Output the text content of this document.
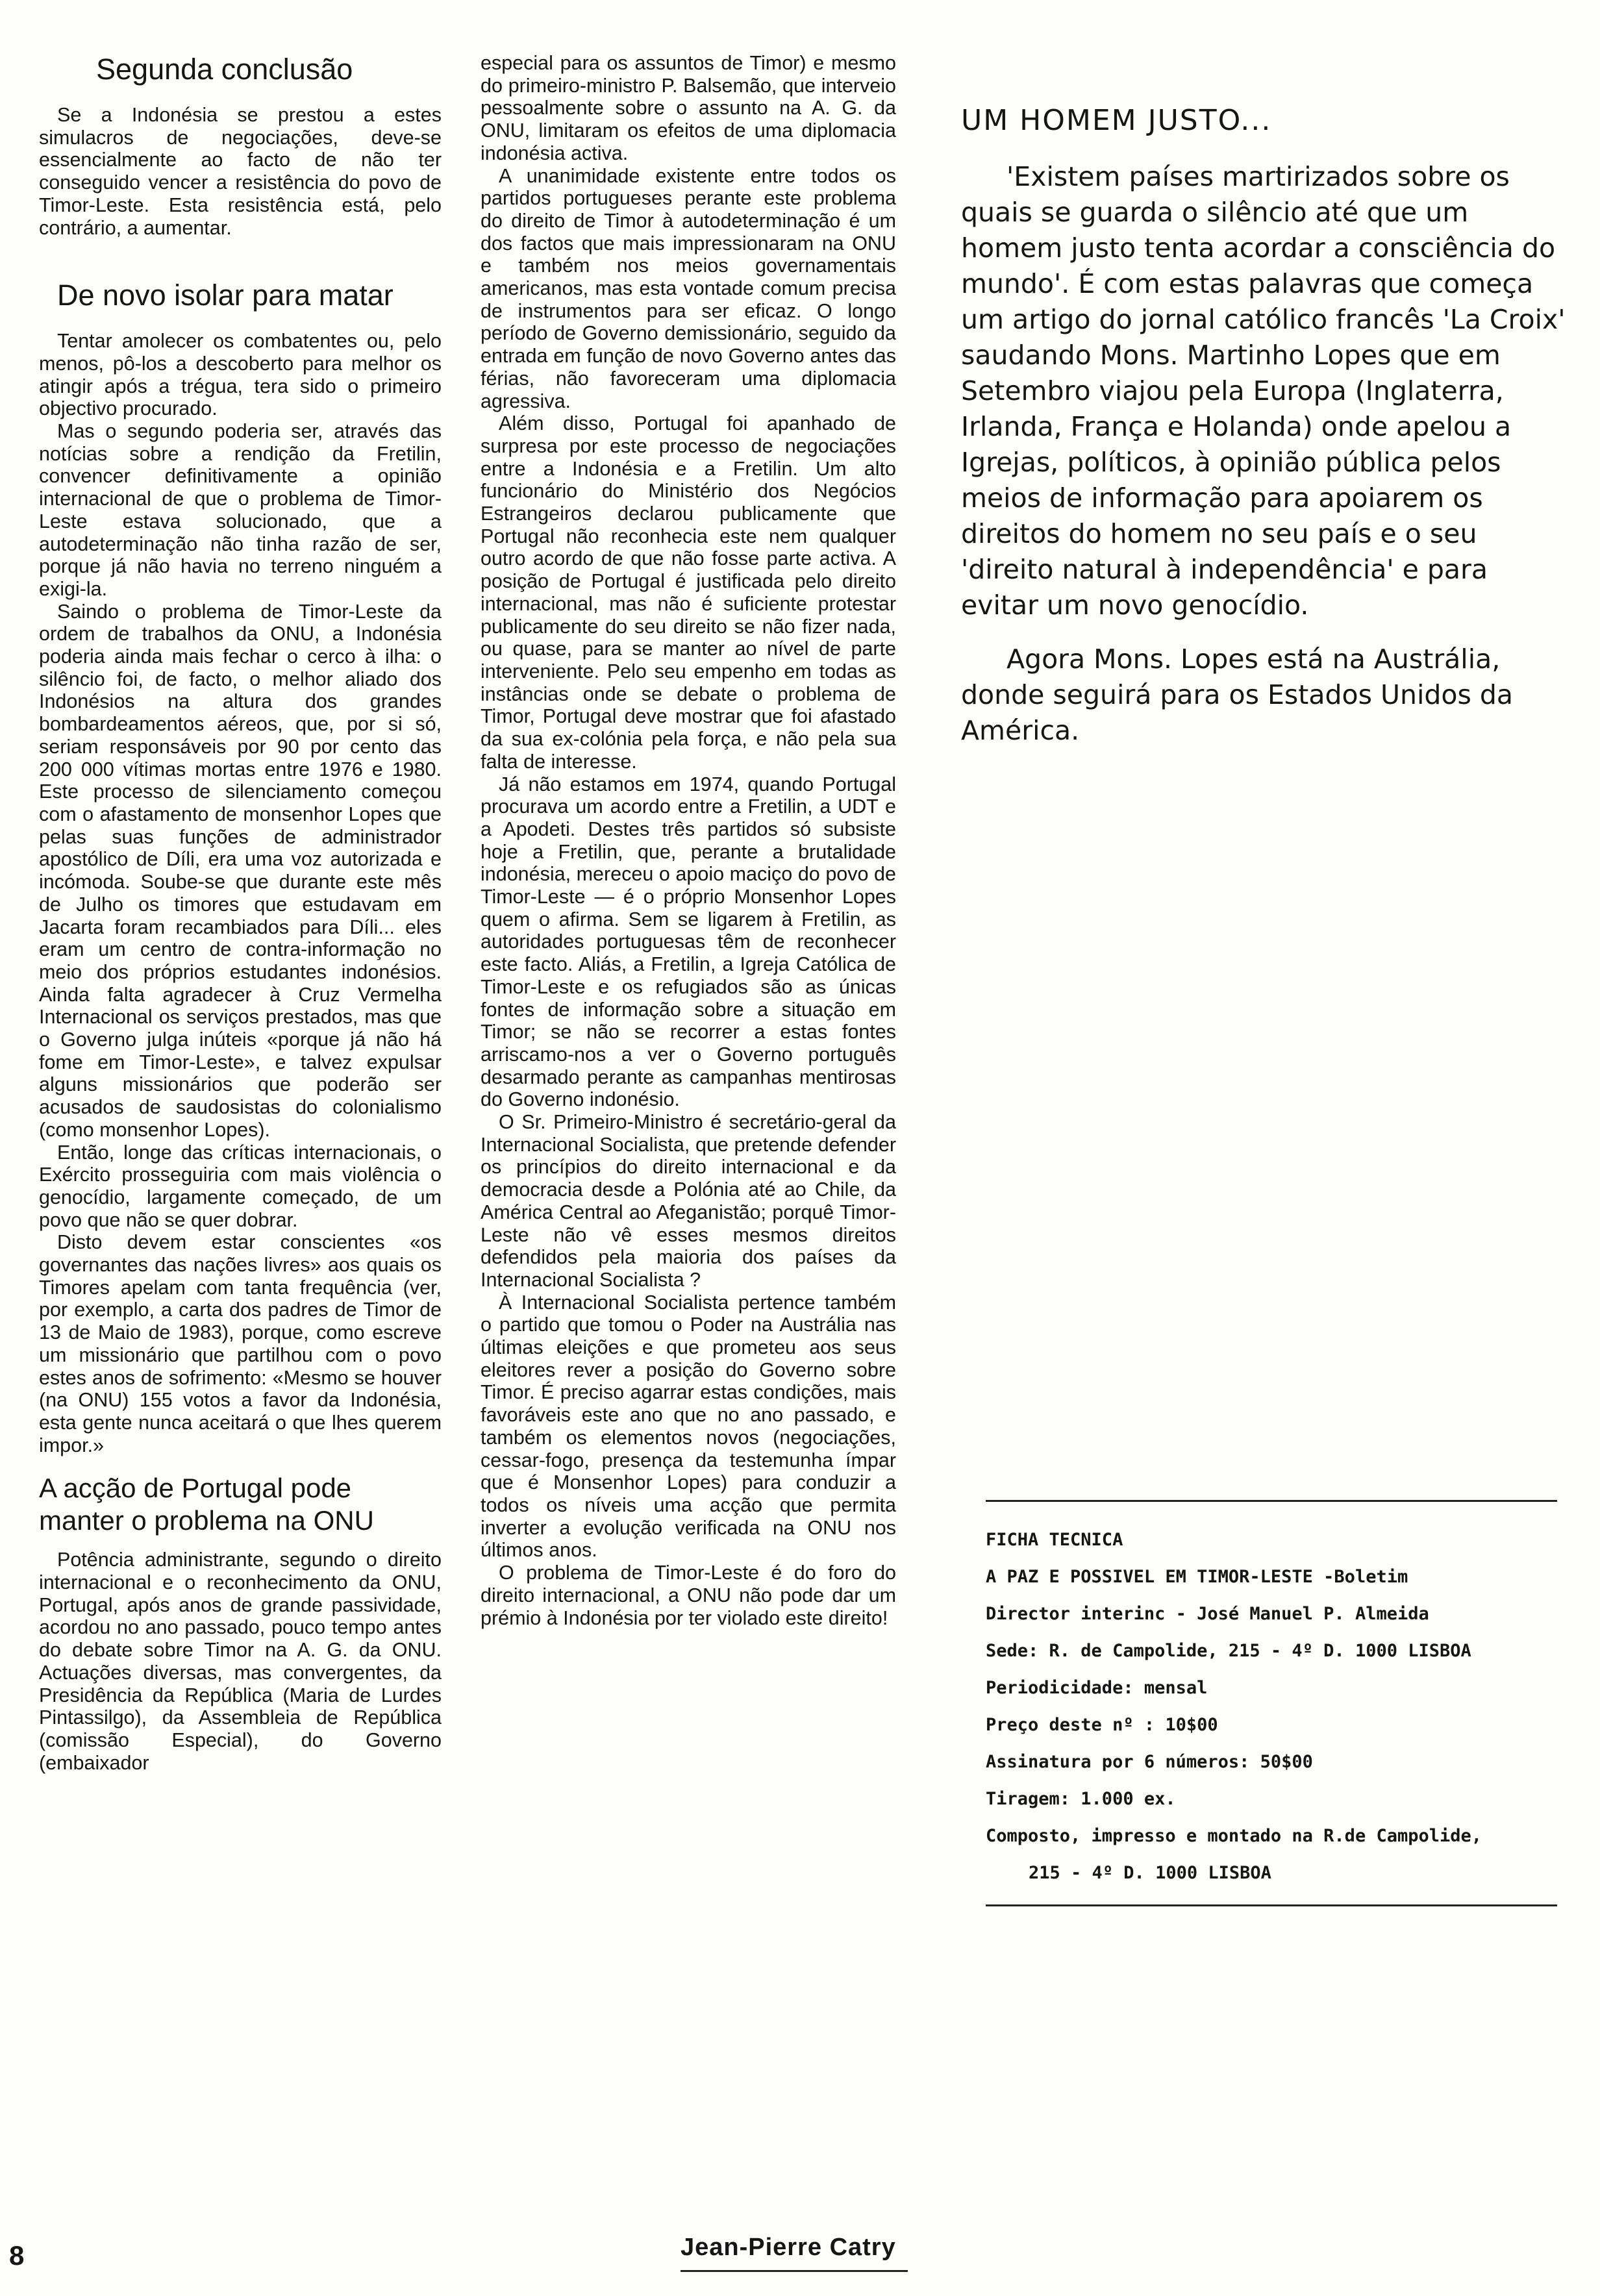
Segunda conclusão

Se a Indonésia se prestou a estes simulacros de negociações, deve-se essencialmente ao facto de não ter conseguido vencer a resistência do povo de Timor-Leste. Esta resistência está, pelo contrário, a aumentar.

De novo isolar para matar

Tentar amolecer os combatentes ou, pelo menos, pô-los a descoberto para melhor os atingir após a trégua, tera sido o primeiro objectivo procurado.

Mas o segundo poderia ser, através das notícias sobre a rendição da Fretilin, convencer definitivamente a opinião internacional de que o problema de Timor-Leste estava solucionado, que a autodeterminação não tinha razão de ser, porque já não havia no terreno ninguém a exigi-la.

Saindo o problema de Timor-Leste da ordem de trabalhos da ONU, a Indonésia poderia ainda mais fechar o cerco à ilha: o silêncio foi, de facto, o melhor aliado dos Indonésios na altura dos grandes bombardeamentos aéreos, que, por si só, seriam responsáveis por 90 por cento das 200 000 vítimas mortas entre 1976 e 1980. Este processo de silenciamento começou com o afastamento de monsenhor Lopes que pelas suas funções de administrador apostólico de Díli, era uma voz autorizada e incómoda. Soube-se que durante este mês de Julho os timores que estudavam em Jacarta foram recambiados para Díli... eles eram um centro de contra-informação no meio dos próprios estudantes indonésios. Ainda falta agradecer à Cruz Vermelha Internacional os serviços prestados, mas que o Governo julga inúteis «porque já não há fome em Timor-Leste», e talvez expulsar alguns missionários que poderão ser acusados de saudosistas do colonialismo (como monsenhor Lopes).

Então, longe das críticas internacionais, o Exército prosseguiria com mais violência o genocídio, largamente começado, de um povo que não se quer dobrar.

Disto devem estar conscientes «os governantes das nações livres» aos quais os Timores apelam com tanta frequência (ver, por exemplo, a carta dos padres de Timor de 13 de Maio de 1983), porque, como escreve um missionário que partilhou com o povo estes anos de sofrimento: «Mesmo se houver (na ONU) 155 votos a favor da Indonésia, esta gente nunca aceitará o que lhes querem impor.»

A acção de Portugal pode manter o problema na ONU

Potência administrante, segundo o direito internacional e o reconhecimento da ONU, Portugal, após anos de grande passividade, acordou no ano passado, pouco tempo antes do debate sobre Timor na A. G. da ONU. Actuações diversas, mas convergentes, da Presidência da República (Maria de Lurdes Pintassilgo), da Assembleia de República (comissão Especial), do Governo (embaixador

especial para os assuntos de Timor) e mesmo do primeiro-ministro P. Balsemão, que interveio pessoalmente sobre o assunto na A. G. da ONU, limitaram os efeitos de uma diplomacia indonésia activa.

A unanimidade existente entre todos os partidos portugueses perante este problema do direito de Timor à autodeterminação é um dos factos que mais impressionaram na ONU e também nos meios governamentais americanos, mas esta vontade comum precisa de instrumentos para ser eficaz. O longo período de Governo demissionário, seguido da entrada em função de novo Governo antes das férias, não favoreceram uma diplomacia agressiva.

Além disso, Portugal foi apanhado de surpresa por este processo de negociações entre a Indonésia e a Fretilin. Um alto funcionário do Ministério dos Negócios Estrangeiros declarou publicamente que Portugal não reconhecia este nem qualquer outro acordo de que não fosse parte activa. A posição de Portugal é justificada pelo direito internacional, mas não é suficiente protestar publicamente do seu direito se não fizer nada, ou quase, para se manter ao nível de parte interveniente. Pelo seu empenho em todas as instâncias onde se debate o problema de Timor, Portugal deve mostrar que foi afastado da sua ex-colónia pela força, e não pela sua falta de interesse.

Já não estamos em 1974, quando Portugal procurava um acordo entre a Fretilin, a UDT e a Apodeti. Destes três partidos só subsiste hoje a Fretilin, que, perante a brutalidade indonésia, mereceu o apoio maciço do povo de Timor-Leste — é o próprio Monsenhor Lopes quem o afirma. Sem se ligarem à Fretilin, as autoridades portuguesas têm de reconhecer este facto. Aliás, a Fretilin, a Igreja Católica de Timor-Leste e os refugiados são as únicas fontes de informação sobre a situação em Timor; se não se recorrer a estas fontes arriscamo-nos a ver o Governo português desarmado perante as campanhas mentirosas do Governo indonésio.

O Sr. Primeiro-Ministro é secretário-geral da Internacional Socialista, que pretende defender os princípios do direito internacional e da democracia desde a Polónia até ao Chile, da América Central ao Afeganistão; porquê Timor-Leste não vê esses mesmos direitos defendidos pela maioria dos países da Internacional Socialista ?

À Internacional Socialista pertence também o partido que tomou o Poder na Austrália nas últimas eleições e que prometeu aos seus eleitores rever a posição do Governo sobre Timor. É preciso agarrar estas condições, mais favoráveis este ano que no ano passado, e também os elementos novos (negociações, cessar-fogo, presença da testemunha ímpar que é Monsenhor Lopes) para conduzir a todos os níveis uma acção que permita inverter a evolução verificada na ONU nos últimos anos.

O problema de Timor-Leste é do foro do direito internacional, a ONU não pode dar um prémio à Indonésia por ter violado este direito!

UM HOMEM JUSTO...

'Existem países martirizados sobre os quais se guarda o silêncio até que um homem justo tenta acordar a consciência do mundo'. É com estas palavras que começa um artigo do jornal católico francês 'La Croix' saudando Mons. Martinho Lopes que em Setembro viajou pela Europa (Inglaterra, Irlanda, França e Holanda) onde apelou a Igrejas, políticos, à opinião pública pelos meios de informação para apoiarem os direitos do homem no seu país e o seu 'direito natural à independência' e para evitar um novo genocídio.

Agora Mons. Lopes está na Austrália, donde seguirá para os Estados Unidos da América.

FICHA TECNICA
A PAZ E POSSIVEL EM TIMOR-LESTE -Boletim
Director interinc - José Manuel P. Almeida
Sede: R. de Campolide, 215 - 4º D. 1000 LISBOA
Periodicidade: mensal
Preço deste nº : 10$00
Assinatura por 6 números: 50$00
Tiragem: 1.000 ex.
Composto, impresso e montado na R.de Campolide,
215 - 4º D. 1000 LISBOA
8	Jean-Pierre Catry
